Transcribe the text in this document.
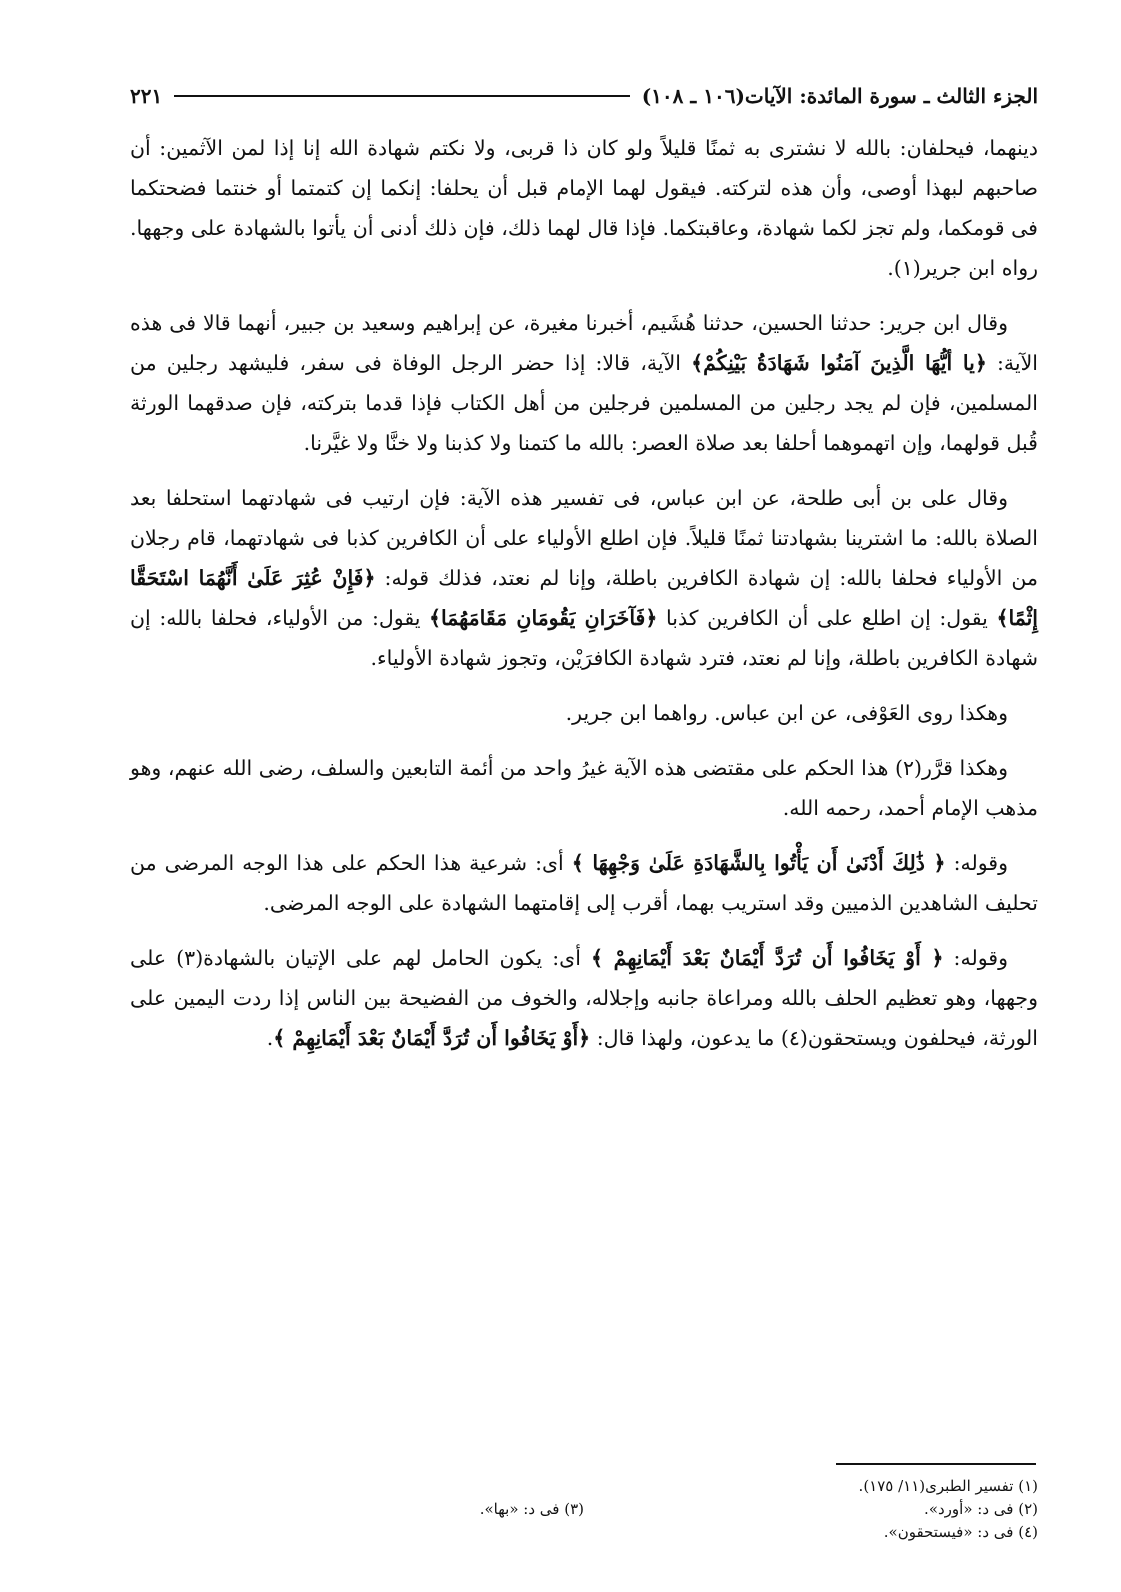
الجزء الثالث ـ سورة المائدة: الآيات(١٠٦ ـ ١٠٨)
٢٢١

دينهما، فيحلفان: بالله لا نشترى به ثمنًا قليلاً ولو كان ذا قربى، ولا نكتم شهادة الله إنا إذا لمن الآثمين: أن صاحبهم لبهذا أوصى، وأن هذه لتركته. فيقول لهما الإمام قبل أن يحلفا: إنكما إن كتمتما أو خنتما فضحتكما فى قومكما، ولم تجز لكما شهادة، وعاقبتكما. فإذا قال لهما ذلك، فإن ذلك أدنى أن يأتوا بالشهادة على وجهها. رواه ابن جرير(١).

وقال ابن جرير: حدثنا الحسين، حدثنا هُشَيم، أخبرنا مغيرة، عن إبراهيم وسعيد بن جبير، أنهما قالا فى هذه الآية: ﴿يا أيُّهَا الَّذِينَ آمَنُوا شَهَادَةُ بَيْنِكُمْ﴾ الآية، قالا: إذا حضر الرجل الوفاة فى سفر، فليشهد رجلين من المسلمين، فإن لم يجد رجلين من المسلمين فرجلين من أهل الكتاب فإذا قدما بتركته، فإن صدقهما الورثة قُبل قولهما، وإن اتهموهما أحلفا بعد صلاة العصر: بالله ما كتمنا ولا كذبنا ولا خنَّا ولا غيَّرنا.

وقال على بن أبى طلحة، عن ابن عباس، فى تفسير هذه الآية: فإن ارتيب فى شهادتهما استحلفا بعد الصلاة بالله: ما اشترينا بشهادتنا ثمنًا قليلاً. فإن اطلع الأولياء على أن الكافرين كذبا فى شهادتهما، قام رجلان من الأولياء فحلفا بالله: إن شهادة الكافرين باطلة، وإنا لم نعتد، فذلك قوله: ﴿فَإِنْ عُثِرَ عَلَىٰ أَنَّهُمَا اسْتَحَقَّا إِثْمًا﴾ يقول: إن اطلع على أن الكافرين كذبا ﴿فَآخَرَانِ يَقُومَانِ مَقَامَهُمَا﴾ يقول: من الأولياء، فحلفا بالله: إن شهادة الكافرين باطلة، وإنا لم نعتد، فترد شهادة الكافرَيْن، وتجوز شهادة الأولياء.

وهكذا روى العَوْفى، عن ابن عباس. رواهما ابن جرير.

وهكذا قرَّر(٢) هذا الحكم على مقتضى هذه الآية غيرُ واحد من أئمة التابعين والسلف، رضى الله عنهم، وهو مذهب الإمام أحمد، رحمه الله.

وقوله: ﴿ ذَٰلِكَ أَدْنَىٰ أَن يَأْتُوا بِالشَّهَادَةِ عَلَىٰ وَجْهِهَا ﴾ أى: شرعية هذا الحكم على هذا الوجه المرضى من تحليف الشاهدين الذميين وقد استريب بهما، أقرب إلى إقامتهما الشهادة على الوجه المرضى.

وقوله: ﴿ أَوْ يَخَافُوا أَن تُرَدَّ أَيْمَانٌ بَعْدَ أَيْمَانِهِمْ ﴾ أى: يكون الحامل لهم على الإتيان بالشهادة(٣) على وجهها، وهو تعظيم الحلف بالله ومراعاة جانبه وإجلاله، والخوف من الفضيحة بين الناس إذا ردت اليمين على الورثة، فيحلفون ويستحقون(٤) ما يدعون، ولهذا قال: ﴿أَوْ يَخَافُوا أَن تُرَدَّ أَيْمَانٌ بَعْدَ أَيْمَانِهِمْ ﴾.

(١) تفسير الطبرى(١١/ ١٧٥).
(٢) فى د: «أورد».
(٣) فى د: «بها».
(٤) فى د: «فيستحقون».
